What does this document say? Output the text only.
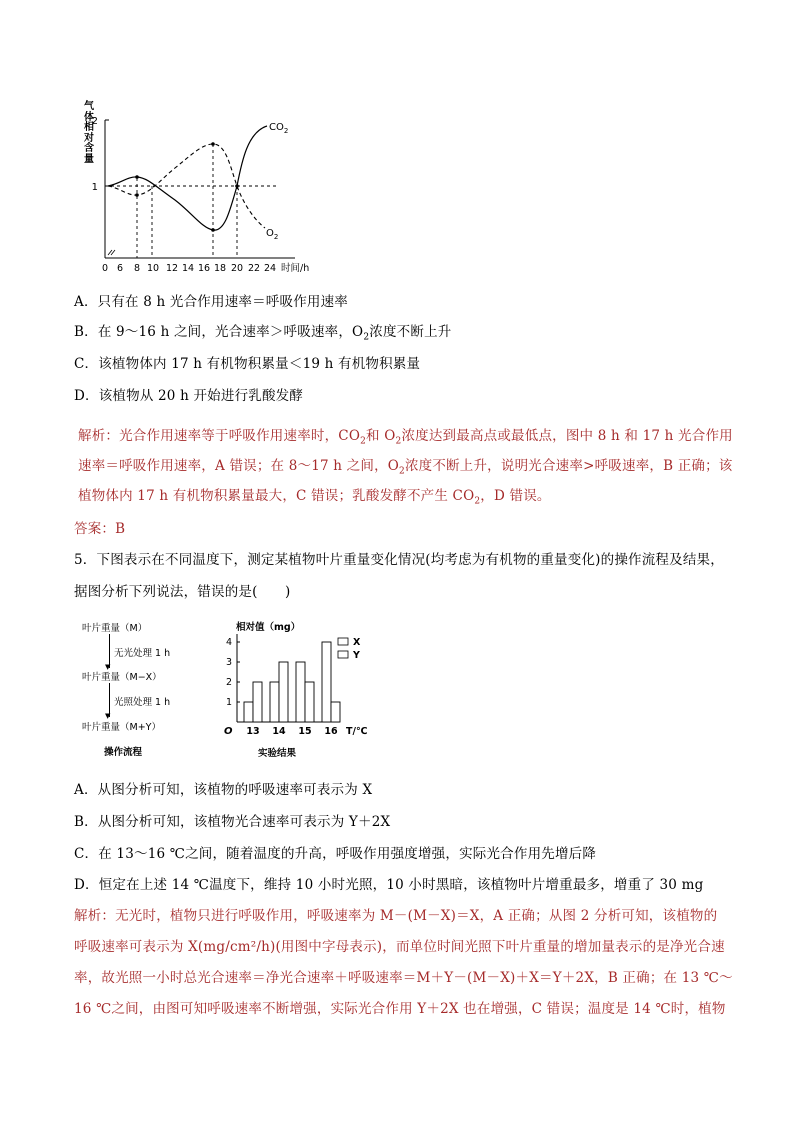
2
1
$CO_2$
$O_2$
0 6 8 10 12 14 16 18 20 22 24 时间/h
气体相对含量
A．只有在 8 h 光合作用速率＝呼吸作用速率
B．在 9～16 h 之间，光合速率＞呼吸速率，$O_2$浓度不断上升
C．该植物体内 17 h 有机物积累量＜19 h 有机物积累量
D．该植物从 20 h 开始进行乳酸发酵
解析：光合作用速率等于呼吸作用速率时，$CO_2$和 $O_2$浓度达到最高点或最低点，图中 8 h 和 17 h 光合作用
速率＝呼吸作用速率，A 错误；在 8～17 h 之间，$O_2$浓度不断上升，说明光合速率>呼吸速率，B 正确；该
植物体内 17 h 有机物积累量最大，C 错误；乳酸发酵不产生 $CO_2$，D 错误。
答案：B
5．下图表示在不同温度下，测定某植物叶片重量变化情况(均考虑为有机物的重量变化)的操作流程及结果，
据图分析下列说法，错误的是(　　)
叶片重量（M）
▼
无光处理 1 h
叶片重量（M−X）
▼
光照处理 1 h
叶片重量（M+Y）
操作流程
相对值（mg）
O
1
2
3
4
13 14 15 16 T/℃
X
Y
实验结果
A．从图分析可知，该植物的呼吸速率可表示为 X
B．从图分析可知，该植物光合速率可表示为 Y＋2X
C．在 13～16 ℃之间，随着温度的升高，呼吸作用强度增强，实际光合作用先增后降
D．恒定在上述 14 ℃温度下，维持 10 小时光照，10 小时黑暗，该植物叶片增重最多，增重了 30 mg
解析：无光时，植物只进行呼吸作用，呼吸速率为 M－(M－X)＝X，A 正确；从图 2 分析可知，该植物的
呼吸速率可表示为 X(mg/cm²/h)(用图中字母表示)，而单位时间光照下叶片重量的增加量表示的是净光合速
率，故光照一小时总光合速率＝净光合速率＋呼吸速率＝M＋Y－(M－X)＋X＝Y＋2X，B 正确；在 13 ℃～
16 ℃之间，由图可知呼吸速率不断增强，实际光合作用 Y＋2X 也在增强，C 错误；温度是 14 ℃时，植物
